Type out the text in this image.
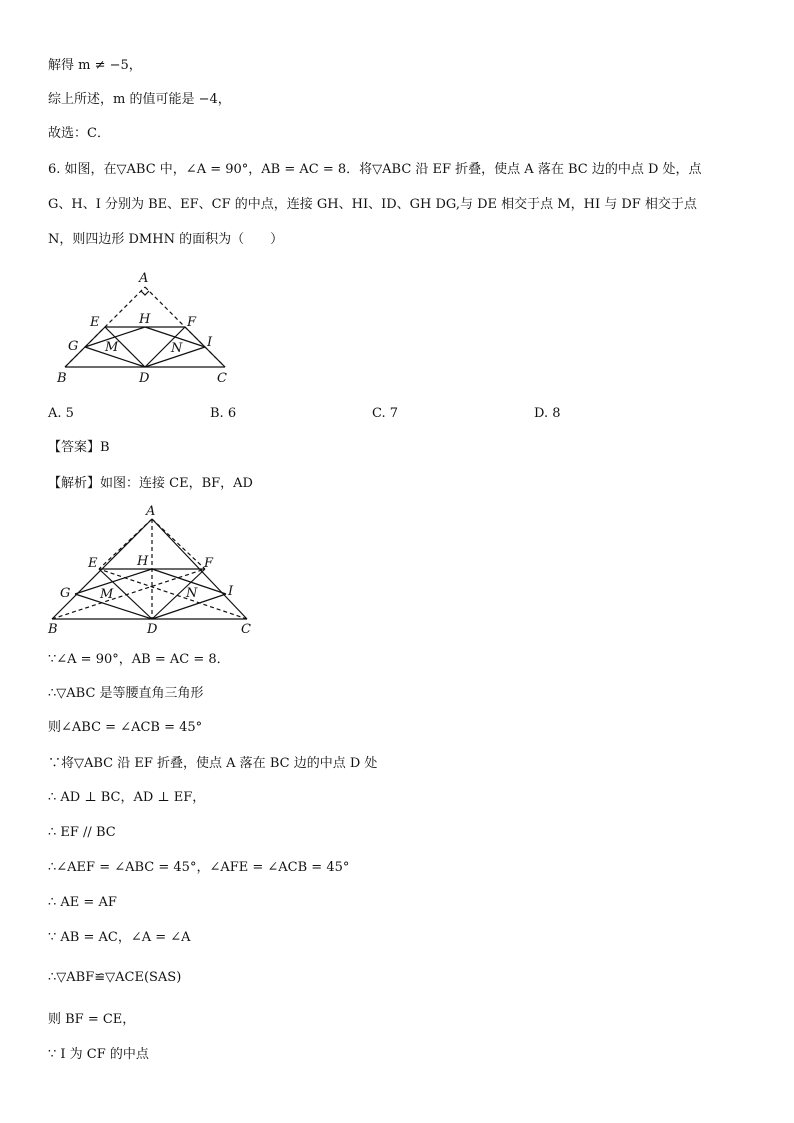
解得 m ≠ −5，
综上所述，m 的值可能是 −4，
故选：C．
6. 如图，在▽ABC 中，∠A = 90°，AB = AC = 8．将▽ABC 沿 EF 折叠，使点 A 落在 BC 边的中点 D 处，点
G、H、I 分别为 BE、EF、CF 的中点，连接 GH、HI、ID、GH DG,与 DE 相交于点 M，HI 与 DF 相交于点
N，则四边形 DMHN 的面积为（　　）
A
E	H	F
G M	N I
B	D	C
A. 5	B. 6	C. 7	D. 8
【答案】B
【解析】如图：连接 CE，BF，AD
A
E	H	F
G M	N I
B	D	C
∵∠A = 90°，AB = AC = 8．
∴▽ABC 是等腰直角三角形
则∠ABC = ∠ACB = 45°
∵将▽ABC 沿 EF 折叠，使点 A 落在 BC 边的中点 D 处
∴ AD ⊥ BC，AD ⊥ EF，
∴ EF // BC
∴∠AEF = ∠ABC = 45°，∠AFE = ∠ACB = 45°
∴ AE = AF
∵ AB = AC，∠A = ∠A
∴▽ABF≌▽ACE(SAS)
则 BF = CE，
∵ I 为 CF 的中点
